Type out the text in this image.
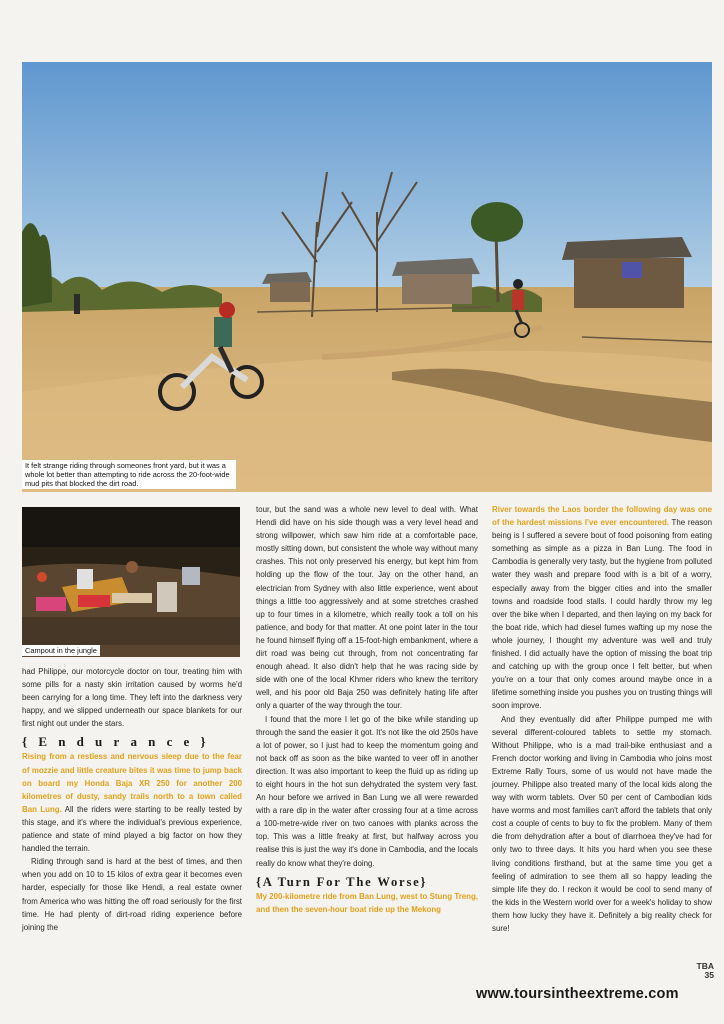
It felt strange riding through someones front yard, but it was a whole lot better than attempting to ride across the 20-foot-wide mud pits that blocked the dirt road.
Campout in the jungle

had Philippe, our motorcycle doctor on tour, treating him with some pills for a nasty skin irritation caused by worms he'd been carrying for a long time. They left into the darkness very happy, and we slipped underneath our space blankets for our first night out under the stars.

{Endurance}

Rising from a restless and nervous sleep due to the fear of mozzie and little creature bites it was time to jump back on board my Honda Baja XR 250 for another 200 kilometres of dusty, sandy trails north to a town called Ban Lung. All the riders were starting to be really tested by this stage, and it's where the individual's previous experience, patience and state of mind played a big factor on how they handled the terrain.

Riding through sand is hard at the best of times, and then when you add on 10 to 15 kilos of extra gear it becomes even harder, especially for those like Hendi, a real estate owner from America who was hitting the off road seriously for the first time. He had plenty of dirt-road riding experience before joining the

tour, but the sand was a whole new level to deal with. What Hendi did have on his side though was a very level head and strong willpower, which saw him ride at a comfortable pace, mostly sitting down, but consistent the whole way without many crashes. This not only preserved his energy, but kept him from holding up the flow of the tour. Jay on the other hand, an electrician from Sydney with also little experience, went about things a little too aggressively and at some stretches crashed up to four times in a kilometre, which really took a toll on his patience, and body for that matter. At one point later in the tour he found himself flying off a 15-foot-high embankment, where a dirt road was being cut through, from not concentrating far enough ahead. It also didn't help that he was racing side by side with one of the local Khmer riders who knew the territory well, and his poor old Baja 250 was definitely hating life after only a quarter of the way through the tour.

I found that the more I let go of the bike while standing up through the sand the easier it got. It's not like the old 250s have a lot of power, so I just had to keep the momentum going and not back off as soon as the bike wanted to veer off in another direction. It was also important to keep the fluid up as riding up to eight hours in the hot sun dehydrated the system very fast. An hour before we arrived in Ban Lung we all were rewarded with a rare dip in the water after crossing four at a time across a 100-metre-wide river on two canoes with planks across the top. This was a little freaky at first, but halfway across you realise this is just the way it's done in Cambodia, and the locals really do know what they're doing.

{A Turn For The Worse}

My 200-kilometre ride from Ban Lung, west to Stung Treng, and then the seven-hour boat ride up the Mekong

River towards the Laos border the following day was one of the hardest missions I've ever encountered. The reason being is I suffered a severe bout of food poisoning from eating something as simple as a pizza in Ban Lung. The food in Cambodia is generally very tasty, but the hygiene from polluted water they wash and prepare food with is a bit of a worry, especially away from the bigger cities and into the smaller towns and roadside food stalls. I could hardly throw my leg over the bike when I departed, and then laying on my back for the boat ride, which had diesel fumes wafting up my nose the whole journey, I thought my adventure was well and truly finished. I did actually have the option of missing the boat trip and catching up with the group once I felt better, but when you're on a tour that only comes around maybe once in a lifetime something inside you pushes you on trusting things will soon improve.

And they eventually did after Philippe pumped me with several different-coloured tablets to settle my stomach. Without Philippe, who is a mad trail-bike enthusiast and a French doctor working and living in Cambodia who joins most Extreme Rally Tours, some of us would not have made the journey. Philippe also treated many of the local kids along the way with worm tablets. Over 50 per cent of Cambodian kids have worms and most families can't afford the tablets that only cost a couple of cents to buy to fix the problem. Many of them die from dehydration after a bout of diarrhoea they've had for only two to three days. It hits you hard when you see these living conditions firsthand, but at the same time you get a feeling of admiration to see them all so happy leading the simple life they do. I reckon it would be cool to send many of the kids in the Western world over for a week's holiday to show them how lucky they have it. Definitely a big reality check for sure!

TBA
35
www.toursintheextreme.com
